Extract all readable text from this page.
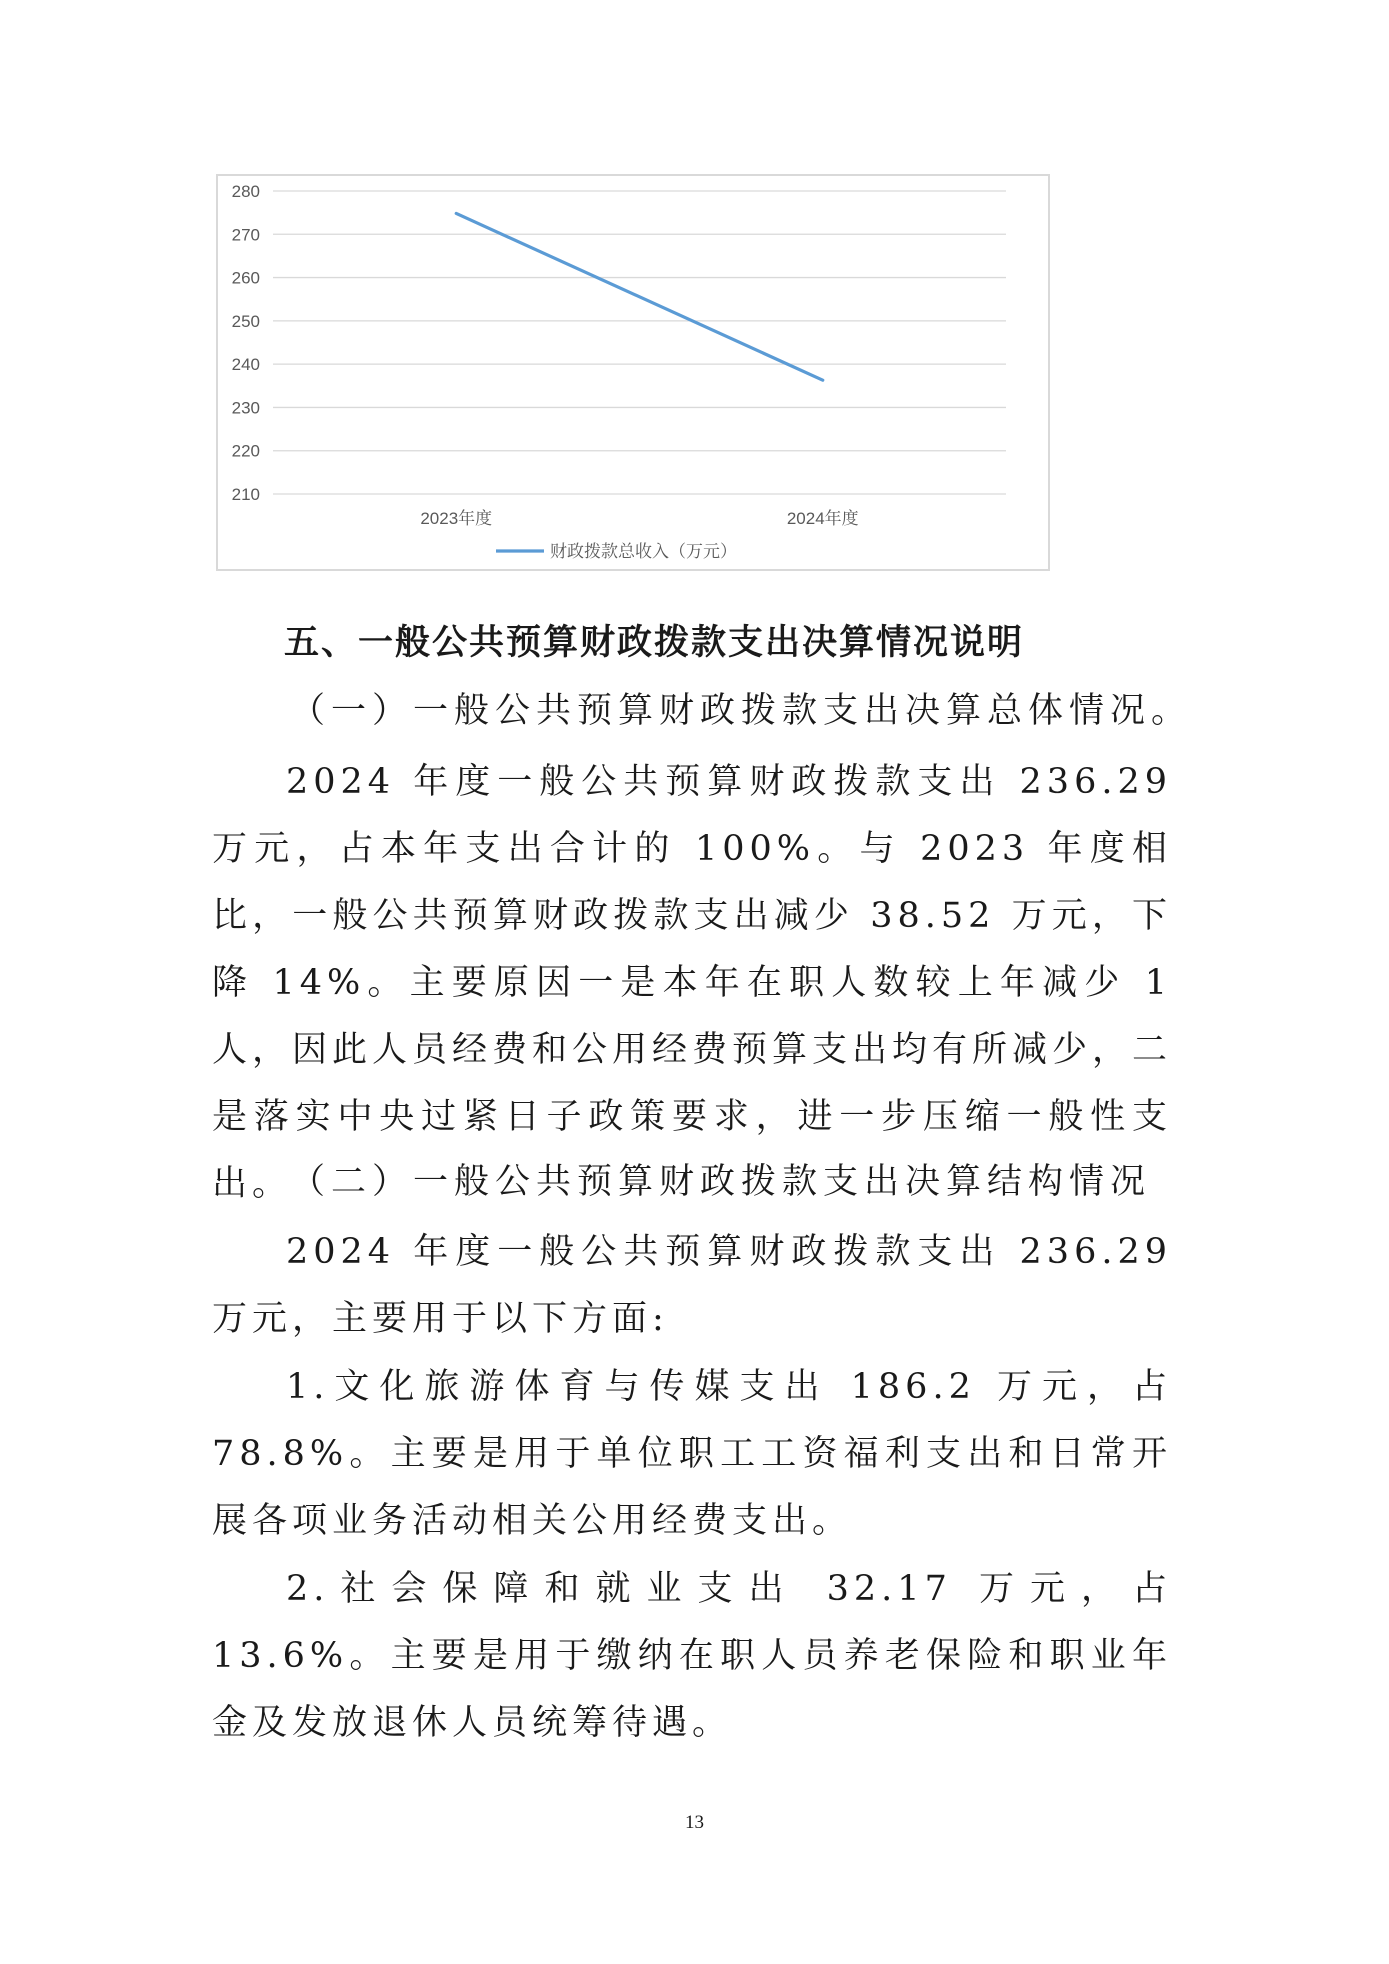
280
270
260
250
240
230
220
210
2023年度	2024年度
财政拨款总收入（万元）

五、一般公共预算财政拨款支出决算情况说明

（一）一般公共预算财政拨款支出决算总体情况。

2024 年度一般公共预算财政拨款支出 236.29 万元，占本年支出合计的 100%。与 2023 年度相比，一般公共预算财政拨款支出减少 38.52 万元，下降 14%。主要原因一是本年在职人数较上年减少 1 人，因此人员经费和公用经费预算支出均有所减少，二是落实中央过紧日子政策要求，进一步压缩一般性支出。

（二）一般公共预算财政拨款支出决算结构情况

2024 年度一般公共预算财政拨款支出 236.29 万元，主要用于以下方面:

1.文化旅游体育与传媒支出 186.2 万元，占 78.8%。主要是用于单位职工工资福利支出和日常开展各项业务活动相关公用经费支出。

2.社会保障和就业支出 32.17 万元，占 13.6%。主要是用于缴纳在职人员养老保险和职业年金及发放退休人员统筹待遇。

13
